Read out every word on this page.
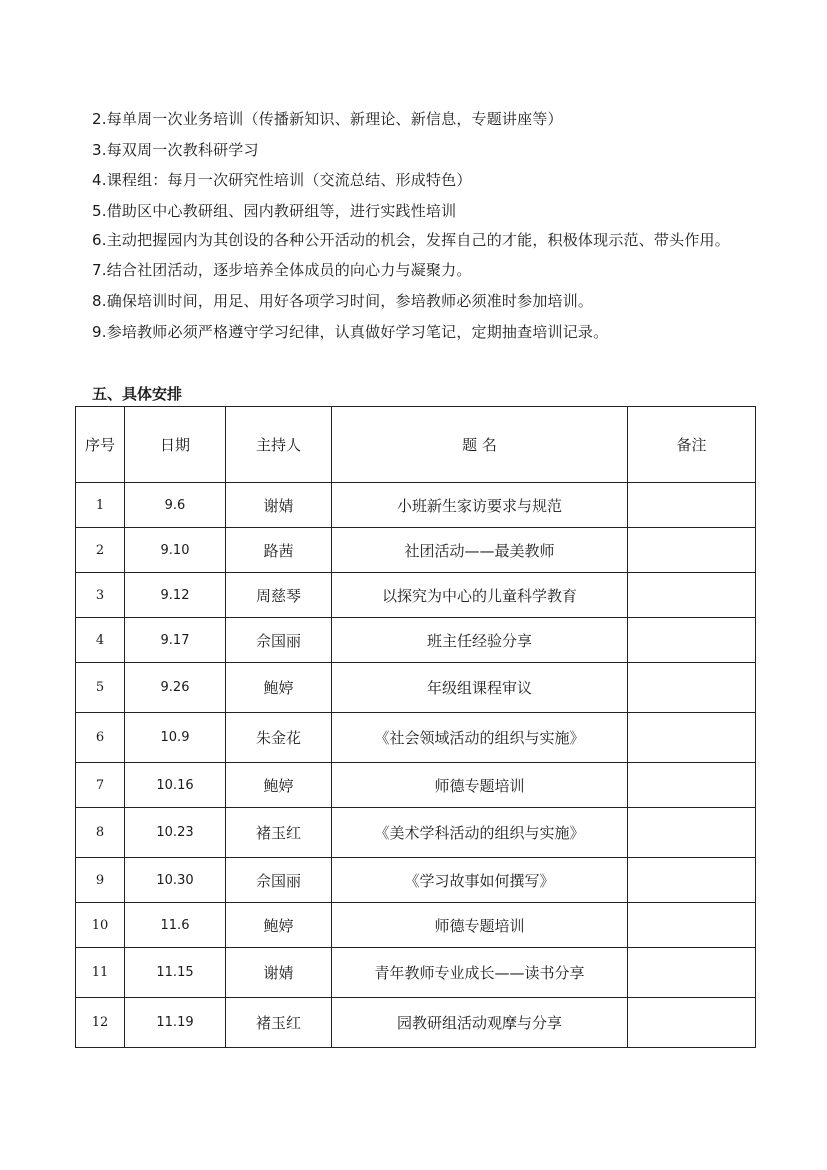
2.每单周一次业务培训（传播新知识、新理论、新信息，专题讲座等）

3.每双周一次教科研学习

4.课程组：每月一次研究性培训（交流总结、形成特色）

5.借助区中心教研组、园内教研组等，进行实践性培训

6.主动把握园内为其创设的各种公开活动的机会，发挥自己的才能，积极体现示范、带头作用。

7.结合社团活动，逐步培养全体成员的向心力与凝聚力。

8.确保培训时间，用足、用好各项学习时间，参培教师必须准时参加培训。

9.参培教师必须严格遵守学习纪律，认真做好学习笔记，定期抽查培训记录。

五、具体安排

序号	日期	主持人	题 名	备注
1	9.6	谢婧	小班新生家访要求与规范	
2	9.10	路茜	社团活动——最美教师	
3	9.12	周慈琴	以探究为中心的儿童科学教育	
4	9.17	佘国丽	班主任经验分享	
5	9.26	鲍婷	年级组课程审议	
6	10.9	朱金花	《社会领域活动的组织与实施》	
7	10.16	鲍婷	师德专题培训	
8	10.23	褚玉红	《美术学科活动的组织与实施》	
9	10.30	佘国丽	《学习故事如何撰写》	
10	11.6	鲍婷	师德专题培训	
11	11.15	谢婧	青年教师专业成长——读书分享	
12	11.19	褚玉红	园教研组活动观摩与分享	
